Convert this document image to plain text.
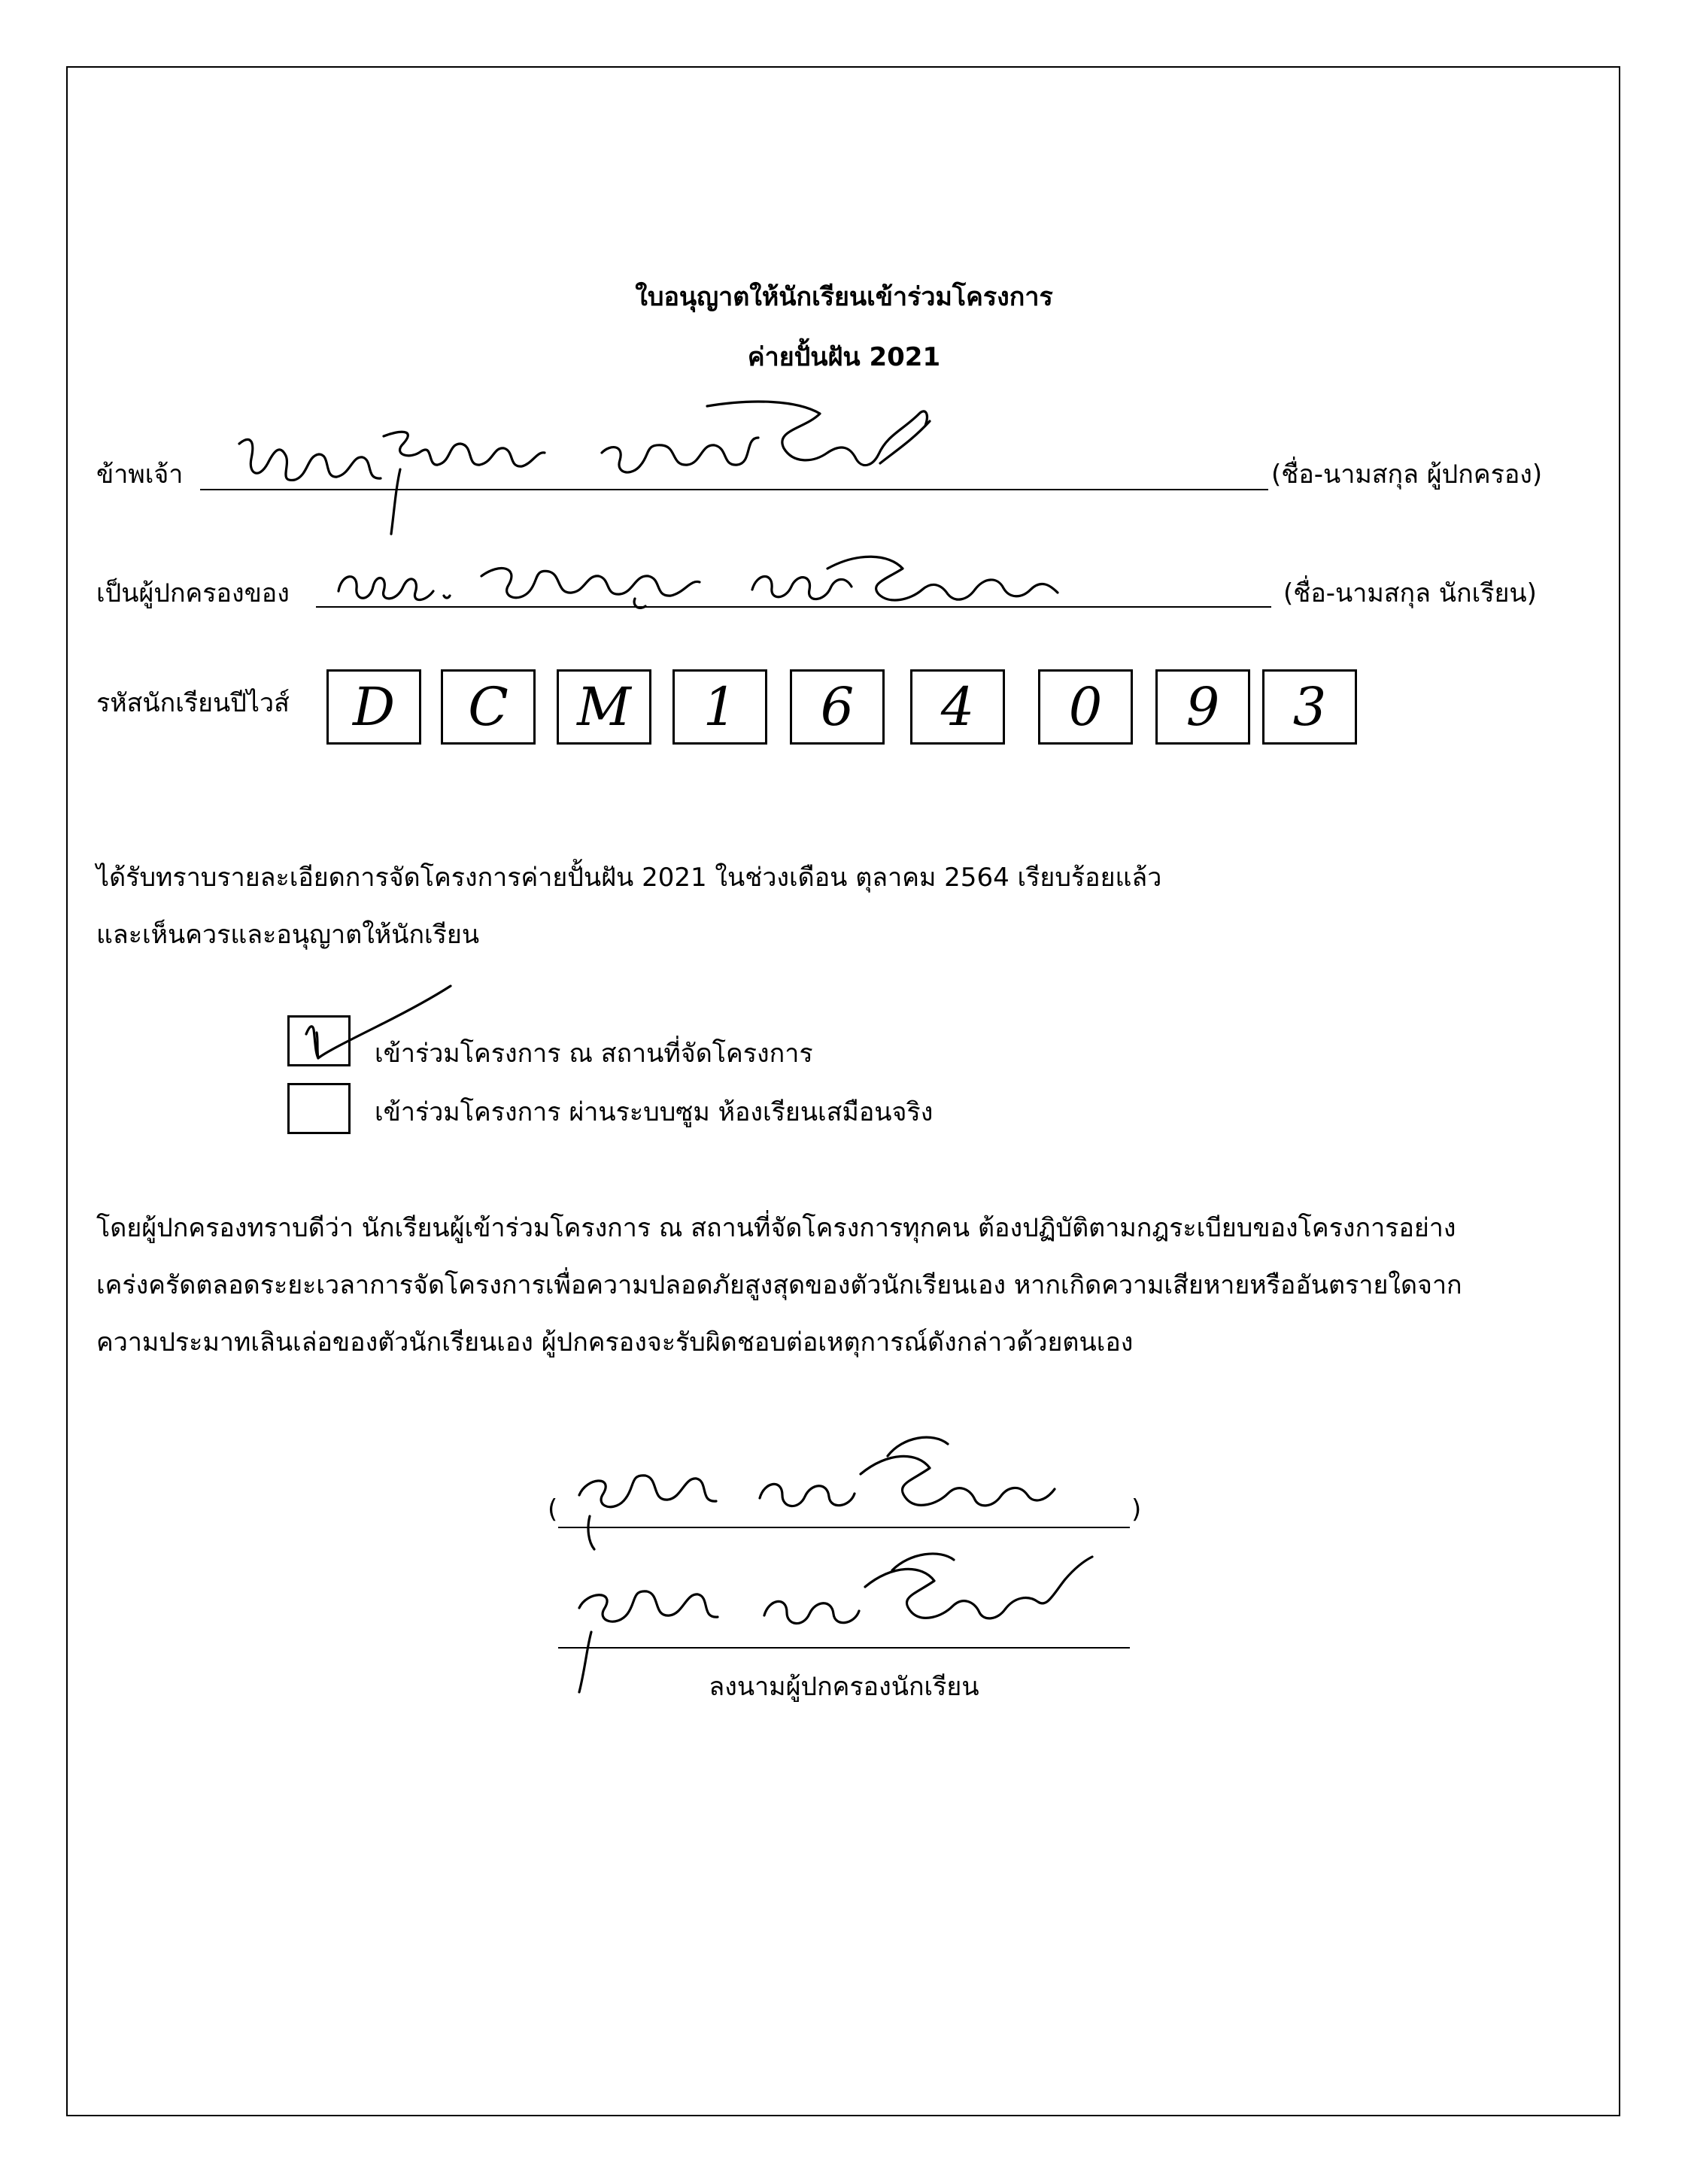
ใบอนุญาตให้นักเรียนเข้าร่วมโครงการ
ค่ายปั้นฝัน 2021
ข้าพเจ้า	(ชื่อ-นามสกุล ผู้ปกครอง)
เป็นผู้ปกครองของ	(ชื่อ-นามสกุล นักเรียน)
รหัสนักเรียนปีไวส์	D	C	M	1	6	4	0	9	3
ได้รับทราบรายละเอียดการจัดโครงการค่ายปั้นฝัน 2021 ในช่วงเดือน ตุลาคม 2564 เรียบร้อยแล้ว
และเห็นควรและอนุญาตให้นักเรียน
เข้าร่วมโครงการ ณ สถานที่จัดโครงการ
เข้าร่วมโครงการ ผ่านระบบซูม ห้องเรียนเสมือนจริง
โดยผู้ปกครองทราบดีว่า นักเรียนผู้เข้าร่วมโครงการ ณ สถานที่จัดโครงการทุกคน ต้องปฏิบัติตามกฎระเบียบของโครงการอย่าง
เคร่งครัดตลอดระยะเวลาการจัดโครงการเพื่อความปลอดภัยสูงสุดของตัวนักเรียนเอง หากเกิดความเสียหายหรืออันตรายใดจาก
ความประมาทเลินเล่อของตัวนักเรียนเอง ผู้ปกครองจะรับผิดชอบต่อเหตุการณ์ดังกล่าวด้วยตนเอง
(	)
ลงนามผู้ปกครองนักเรียน
